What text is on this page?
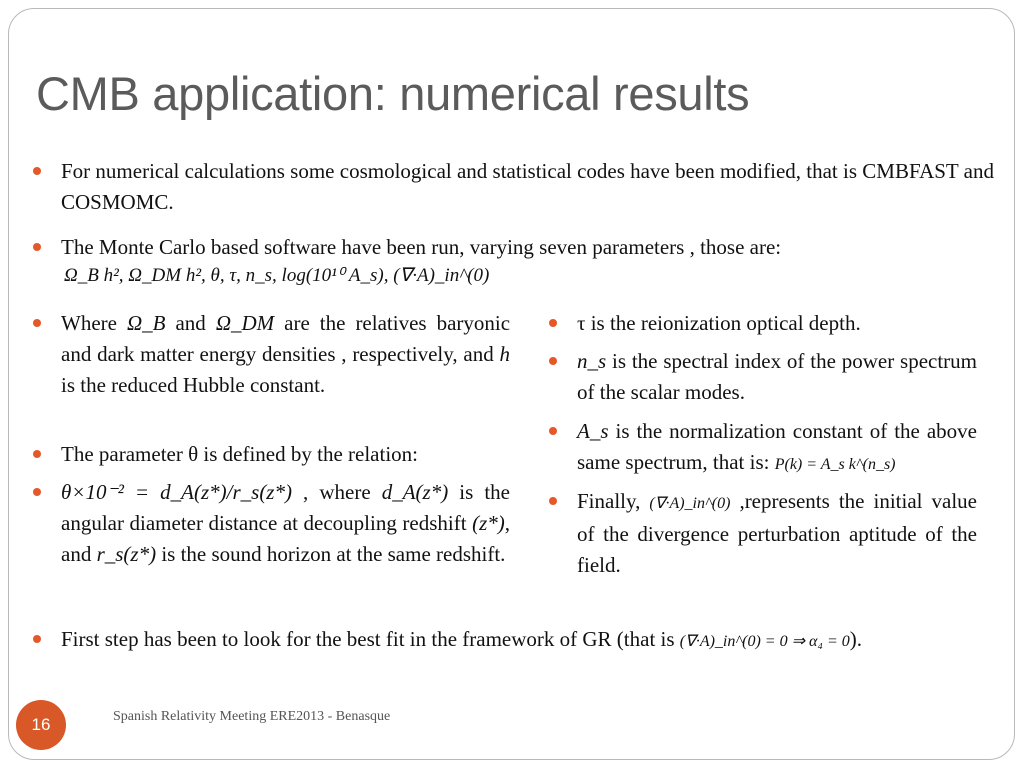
CMB application: numerical results
For numerical calculations some cosmological and statistical codes have been modified, that is CMBFAST and COSMOMC.
The Monte Carlo based software have been run, varying seven parameters , those are:
Ω_B h², Ω_DM h², θ, τ, n_s, log(10¹⁰ A_s), (∇·A)_in^(0)
Where Ω_B and Ω_DM are the relatives baryonic and dark matter energy densities , respectively, and h is the reduced Hubble constant.
The parameter θ is defined by the relation:
θ×10⁻² = d_A(z*)/r_s(z*) , where d_A(z*) is the angular diameter distance at decoupling redshift (z*), and r_s(z*) is the sound horizon at the same redshift.
τ is the reionization optical depth.
n_s is the spectral index of the power spectrum of the scalar modes.
A_s is the normalization constant of the above same spectrum, that is: P(k) = A_s k^(n_s)
Finally, (∇·A)_in^(0) ,represents the initial value of the divergence perturbation aptitude of the field.
First step has been to look for the best fit in the framework of GR (that is (∇·A)_in^(0) = 0 ⇒ α₄ = 0).
16	Spanish Relativity Meeting ERE2013 - Benasque
